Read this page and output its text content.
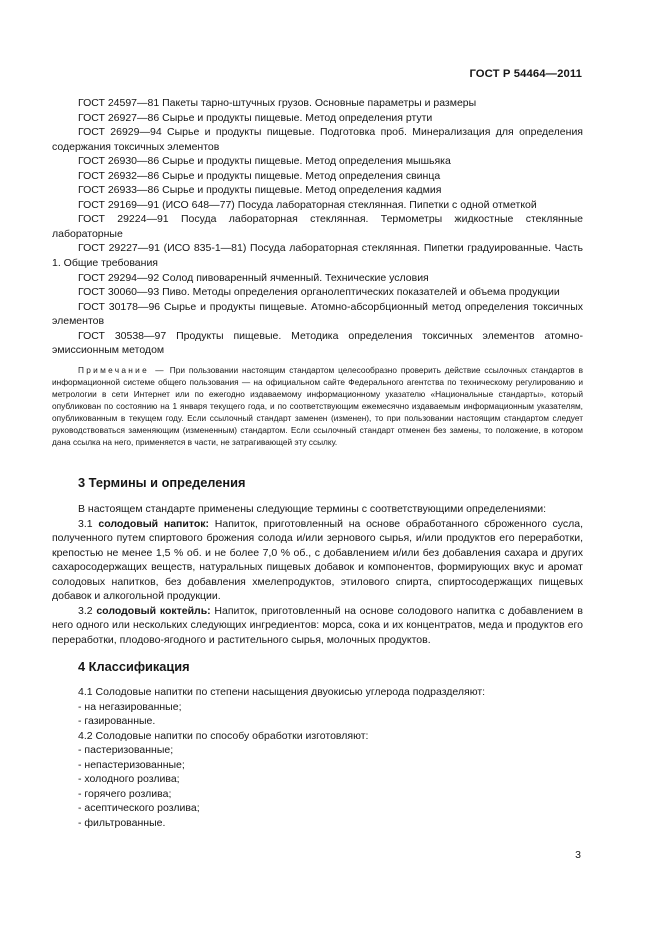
ГОСТ Р 54464—2011

ГОСТ 24597—81 Пакеты тарно-штучных грузов. Основные параметры и размеры

ГОСТ 26927—86 Сырье и продукты пищевые. Метод определения ртути

ГОСТ 26929—94 Сырье и продукты пищевые. Подготовка проб. Минерализация для определения содержания токсичных элементов

ГОСТ 26930—86 Сырье и продукты пищевые. Метод определения мышьяка

ГОСТ 26932—86 Сырье и продукты пищевые. Метод определения свинца

ГОСТ 26933—86 Сырье и продукты пищевые. Метод определения кадмия

ГОСТ 29169—91 (ИСО 648—77) Посуда лабораторная стеклянная. Пипетки с одной отметкой

ГОСТ 29224—91 Посуда лабораторная стеклянная. Термометры жидкостные стеклянные лабораторные

ГОСТ 29227—91 (ИСО 835-1—81) Посуда лабораторная стеклянная. Пипетки градуированные. Часть 1. Общие требования

ГОСТ 29294—92 Солод пивоваренный ячменный. Технические условия

ГОСТ 30060—93 Пиво. Методы определения органолептических показателей и объема продукции

ГОСТ 30178—96 Сырье и продукты пищевые. Атомно-абсорбционный метод определения токсичных элементов

ГОСТ 30538—97 Продукты пищевые. Методика определения токсичных элементов атомно-эмиссионным методом

Примечание — При пользовании настоящим стандартом целесообразно проверить действие ссылочных стандартов в информационной системе общего пользования — на официальном сайте Федерального агентства по техническому регулированию и метрологии в сети Интернет или по ежегодно издаваемому информационному указателю «Национальные стандарты», который опубликован по состоянию на 1 января текущего года, и по соответствующим ежемесячно издаваемым информационным указателям, опубликованным в текущем году. Если ссылочный стандарт заменен (изменен), то при пользовании настоящим стандартом следует руководствоваться заменяющим (измененным) стандартом. Если ссылочный стандарт отменен без замены, то положение, в котором дана ссылка на него, применяется в части, не затрагивающей эту ссылку.

3 Термины и определения

В настоящем стандарте применены следующие термины с соответствующими определениями:

3.1 солодовый напиток: Напиток, приготовленный на основе обработанного сброженного сусла, полученного путем спиртового брожения солода и/или зернового сырья, и/или продуктов его переработки, крепостью не менее 1,5 % об. и не более 7,0 % об., с добавлением и/или без добавления сахара и других сахаросодержащих веществ, натуральных пищевых добавок и компонентов, формирующих вкус и аромат солодовых напитков, без добавления хмелепродуктов, этилового спирта, спиртосодержащих пищевых добавок и алкогольной продукции.

3.2 солодовый коктейль: Напиток, приготовленный на основе солодового напитка с добавлением в него одного или нескольких следующих ингредиентов: морса, сока и их концентратов, меда и продуктов его переработки, плодово-ягодного и растительного сырья, молочных продуктов.

4 Классификация

4.1 Солодовые напитки по степени насыщения двуокисью углерода подразделяют:

- на негазированные;

- газированные.

4.2 Солодовые напитки по способу обработки изготовляют:

- пастеризованные;

- непастеризованные;

- холодного розлива;

- горячего розлива;

- асептического розлива;

- фильтрованные.

3
